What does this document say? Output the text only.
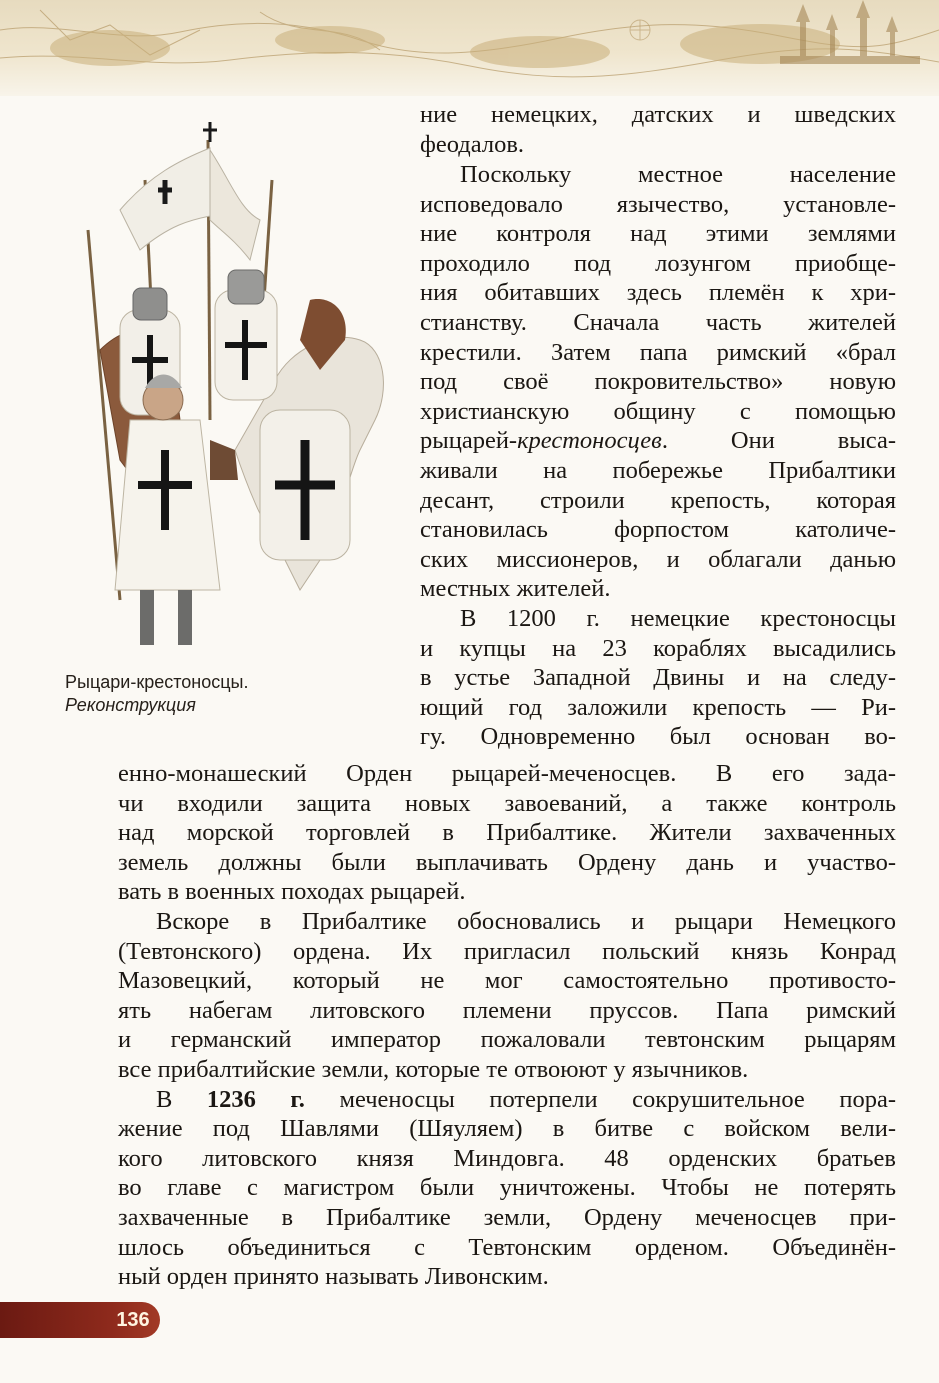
Рыцари-крестоносцы.
Реконструкция
ние немецких, датских и шведских
феодалов.
Поскольку местное население
исповедовало язычество, установле-
ние контроля над этими землями
проходило под лозунгом приобще-
ния обитавших здесь племён к хри-
стианству. Сначала часть жителей
крестили. Затем папа римский «брал
под своё покровительство» новую
христианскую общину с помощью
рыцарей-крестоносцев. Они выса-
живали на побережье Прибалтики
десант, строили крепость, которая
становилась форпостом католиче-
ских миссионеров, и облагали данью
местных жителей.
В 1200 г. немецкие крестоносцы
и купцы на 23 кораблях высадились
в устье Западной Двины и на следу-
ющий год заложили крепость — Ри-
гу. Одновременно был основан во-
енно-монашеский Орден рыцарей-меченосцев. В его зада-
чи входили защита новых завоеваний, а также контроль
над морской торговлей в Прибалтике. Жители захваченных
земель должны были выплачивать Ордену дань и участво-
вать в военных походах рыцарей.
Вскоре в Прибалтике обосновались и рыцари Немецкого
(Тевтонского) ордена. Их пригласил польский князь Конрад
Мазовецкий, который не мог самостоятельно противосто-
ять набегам литовского племени пруссов. Папа римский
и германский император пожаловали тевтонским рыцарям
все прибалтийские земли, которые те отвоюют у язычников.
В 1236 г. меченосцы потерпели сокрушительное пора-
жение под Шавлями (Шяуляем) в битве с войском вели-
кого литовского князя Миндовга. 48 орденских братьев
во главе с магистром были уничтожены. Чтобы не потерять
захваченные в Прибалтике земли, Ордену меченосцев при-
шлось объединиться с Тевтонским орденом. Объединён-
ный орден принято называть Ливонским.
136
